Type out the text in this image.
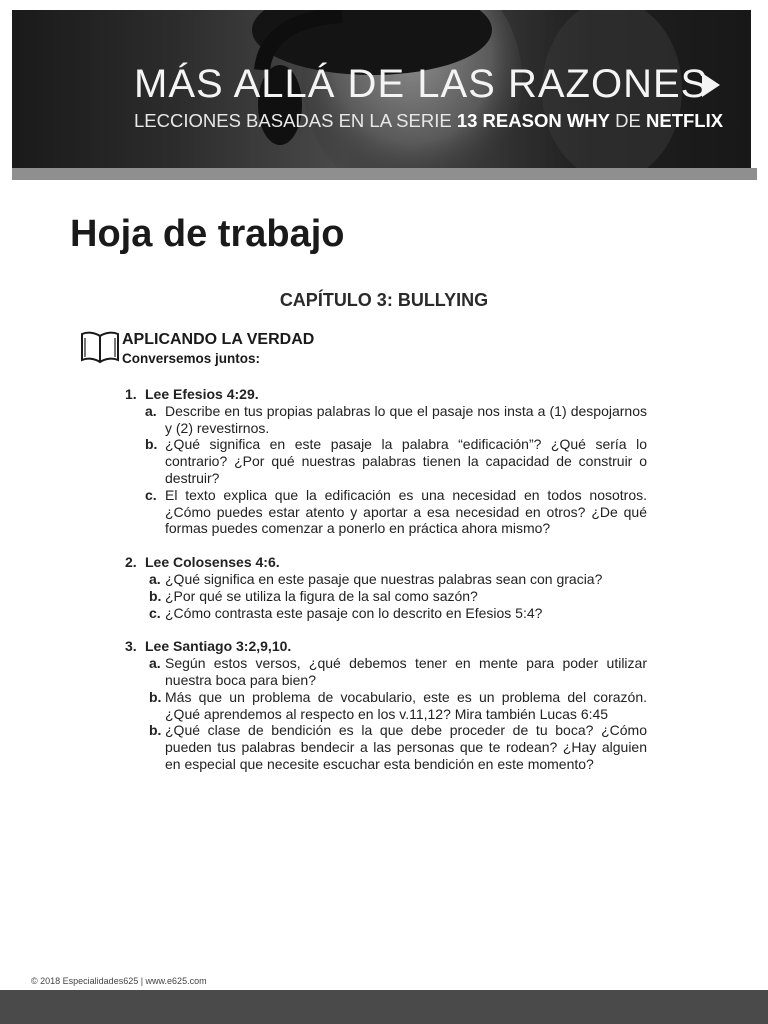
MÁS ALLÁ DE LAS RAZONES

LECCIONES BASADAS EN LA SERIE 13 REASON WHY DE NETFLIX

Hoja de trabajo
CAPÍTULO 3: BULLYING

APLICANDO LA VERDAD

Conversemos juntos:

1. Lee Efesios 4:29.
a. Describe en tus propias palabras lo que el pasaje nos insta a (1) despojarnos y (2) revestirnos.
b. ¿Qué significa en este pasaje la palabra “edificación”? ¿Qué sería lo contrario? ¿Por qué nuestras palabras tienen la capacidad de construir o destruir?
c. El texto explica que la edificación es una necesidad en todos nosotros. ¿Cómo puedes estar atento y aportar a esa necesidad en otros? ¿De qué formas puedes comenzar a ponerlo en práctica ahora mismo?
2. Lee Colosenses 4:6.
a. ¿Qué significa en este pasaje que nuestras palabras sean con gracia?
b. ¿Por qué se utiliza la figura de la sal como sazón?
c. ¿Cómo contrasta este pasaje con lo descrito en Efesios 5:4?
3. Lee Santiago 3:2,9,10.
a. Según estos versos, ¿qué debemos tener en mente para poder utilizar nuestra boca para bien?
b. Más que un problema de vocabulario, este es un problema del corazón. ¿Qué aprendemos al respecto en los v.11,12? Mira también Lucas 6:45
b. ¿Qué clase de bendición es la que debe proceder de tu boca? ¿Cómo pueden tus palabras bendecir a las personas que te rodean? ¿Hay alguien en especial que necesite escuchar esta bendición en este momento?

© 2018 Especialidades625 | www.e625.com
